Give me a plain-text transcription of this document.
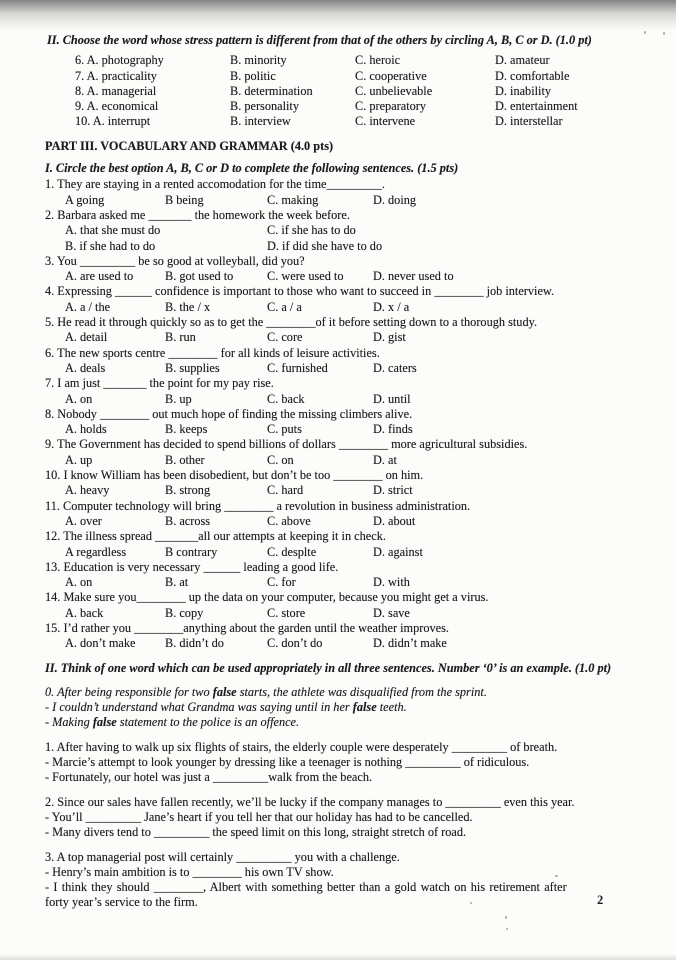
II. Choose the word whose stress pattern is different from that of the others by circling A, B, C or D. (1.0 pt)

6. A. photography	B. minority	C. heroic	D. amateur
7. A. practicality	B. politic	C. cooperative	D. comfortable
8. A. managerial	B. determination	C. unbelievable	D. inability
9. A. economical	B. personality	C. preparatory	D. entertainment
10. A. interrupt	B. interview	C. intervene	D. interstellar

PART III. VOCABULARY AND GRAMMAR (4.0 pts)

I. Circle the best option A, B, C or D to complete the following sentences. (1.5 pts)

1. They are staying in a rented accomodation for the time_________.

A going	B being	C. making	D. doing

2. Barbara asked me _______ the homework the week before.

A. that she must do	C. if she has to do
B. if she had to do	D. if did she have to do

3. You _________ be so good at volleyball, did you?

A. are used to	B. got used to	C. were used to	D. never used to

4. Expressing ______ confidence is important to those who want to succeed in ________ job interview.

A. a / the	B. the / x	C. a / a	D. x / a

5. He read it through quickly so as to get the ________of it before setting down to a thorough study.

A. detail	B. run	C. core	D. gist

6. The new sports centre ________ for all kinds of leisure activities.

A. deals	B. supplies	C. furnished	D. caters

7. I am just _______ the point for my pay rise.

A. on	B. up	C. back	D. until

8. Nobody ________ out much hope of finding the missing climbers alive.

A. holds	B. keeps	C. puts	D. finds

9. The Government has decided to spend billions of dollars ________ more agricultural subsidies.

A. up	B. other	C. on	D. at

10. I know William has been disobedient, but don’t be too ________ on him.

A. heavy	B. strong	C. hard	D. strict

11. Computer technology will bring ________ a revolution in business administration.

A. over	B. across	C. above	D. about

12. The illness spread _______all our attempts at keeping it in check.

A regardless	B contrary	C. desplte	D. against

13. Education is very necessary ______ leading a good life.

A. on	B. at	C. for	D. with

14. Make sure you________ up the data on your computer, because you might get a virus.

A. back	B. copy	C. store	D. save

15. I’d rather you ________anything about the garden until the weather improves.

A. don’t make	B. didn’t do	C. don’t do	D. didn’t make

II. Think of one word which can be used appropriately in all three sentences. Number ‘0’ is an example. (1.0 pt)

0. After being responsible for two false starts, the athlete was disqualified from the sprint.

- I couldn’t understand what Grandma was saying until in her false teeth.

- Making false statement to the police is an offence.

1. After having to walk up six flights of stairs, the elderly couple were desperately _________ of breath.

- Marcie’s attempt to look younger by dressing like a teenager is nothing _________ of ridiculous.

- Fortunately, our hotel was just a _________walk from the beach.

2. Since our sales have fallen recently, we’ll be lucky if the company manages to _________ even this year.

- You’ll _________ Jane’s heart if you tell her that our holiday has had to be cancelled.

- Many divers tend to _________ the speed limit on this long, straight stretch of road.

3. A top managerial post will certainly _________ you with a challenge.

- Henry’s main ambition is to ________ his own TV show.

- I think they should ________, Albert with something better than a gold watch on his retirement after

forty year’s service to the firm.	2
